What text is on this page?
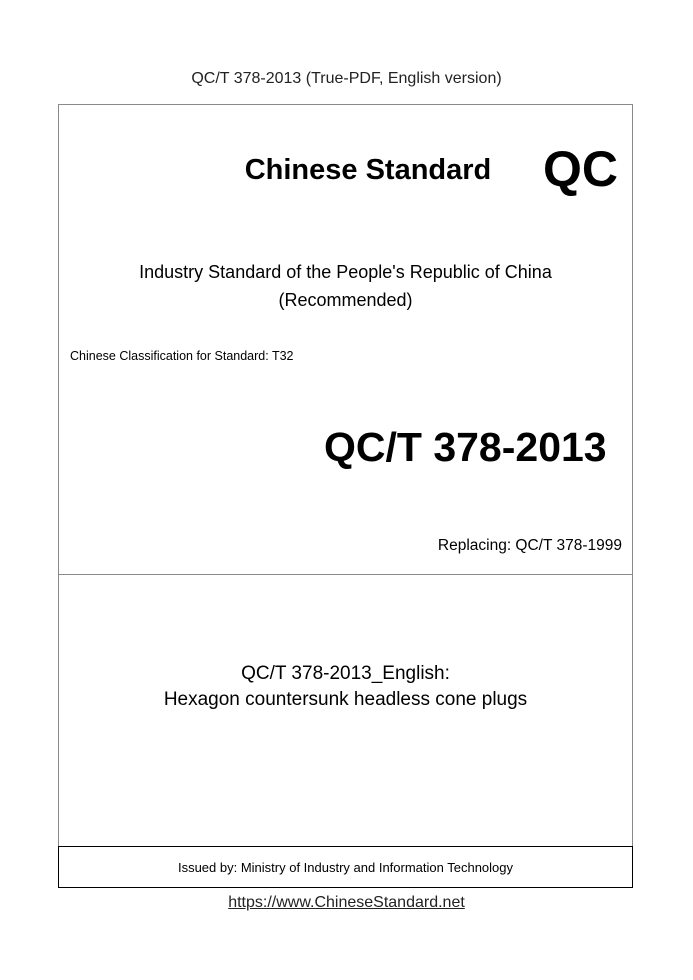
QC/T 378-2013 (True-PDF, English version)
Chinese Standard	QC
Industry Standard of the People's Republic of China
(Recommended)
Chinese Classification for Standard: T32
QC/T 378-2013
Replacing: QC/T 378-1999
QC/T 378-2013_English:
Hexagon countersunk headless cone plugs
Issued by: Ministry of Industry and Information Technology
https://www.ChineseStandard.net
